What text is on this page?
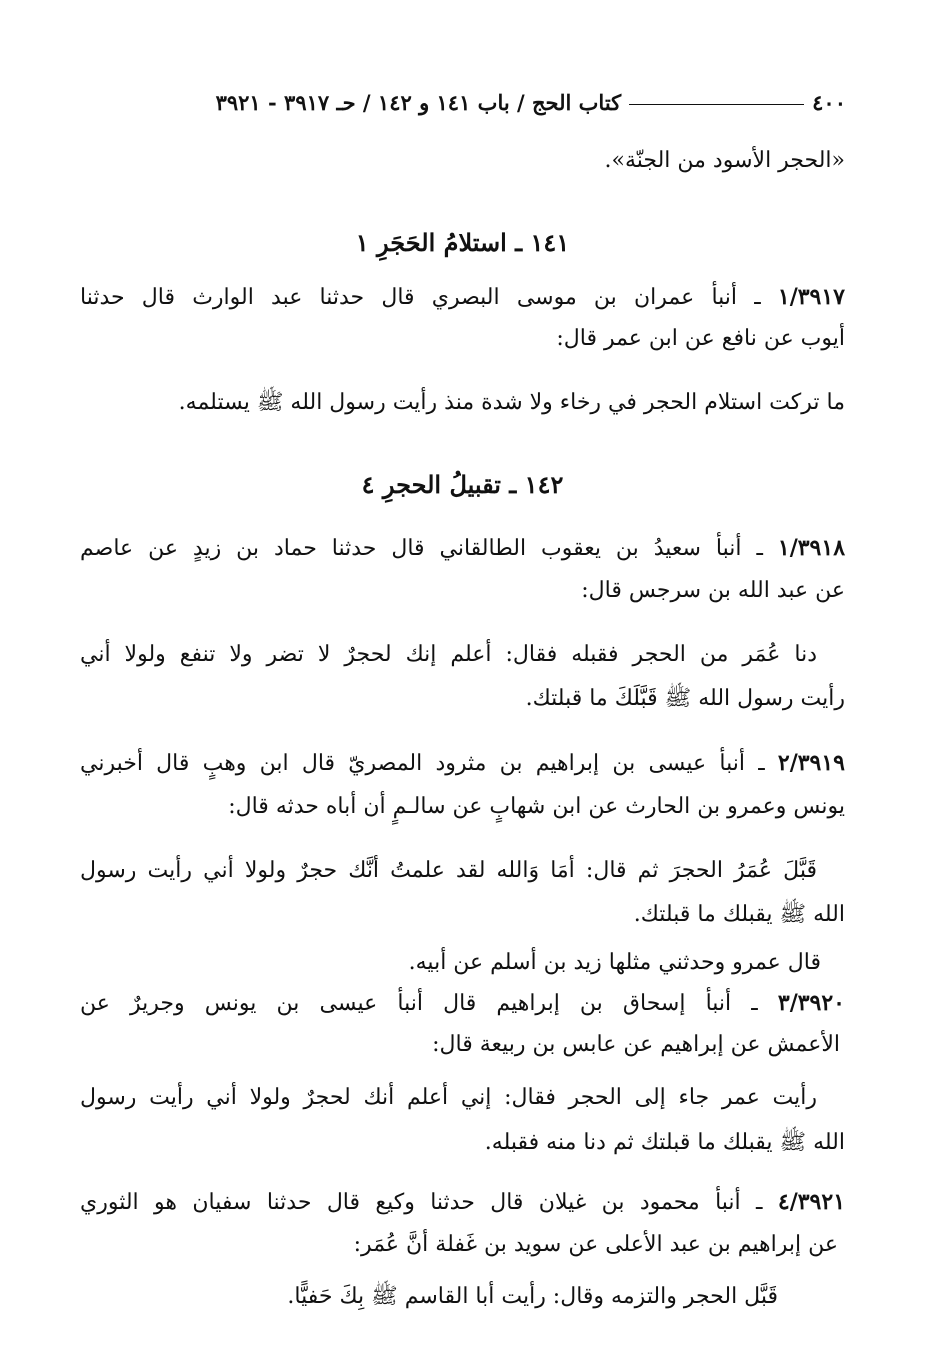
٤٠٠
كتاب الحج / باب ١٤١ و ١٤٢ / حـ ٣٩١٧ - ٣٩٢١
«الحجر الأسود من الجنّة».
١٤١ ـ استلامُ الحَجَرِ ١
١/٣٩١٧ ـ أنبأ عمران بن موسى البصري قال حدثنا عبد الوارث قال حدثنا
أيوب عن نافع عن ابن عمر قال:
ما تركت استلام الحجر في رخاء ولا شدة منذ رأيت رسول الله ﷺ يستلمه.
١٤٢ ـ تقبيلُ الحجرِ ٤
١/٣٩١٨ ـ أنبأ سعيدُ بن يعقوب الطالقاني قال حدثنا حماد بن زيدٍ عن عاصم
عن عبد الله بن سرجس قال:
دنا عُمَر من الحجر فقبله فقال: أعلم إنك لحجرٌ لا تضر ولا تنفع ولولا أني
رأيت رسول الله ﷺ قَبَّلَكَ ما قبلتك.
٢/٣٩١٩ ـ أنبأ عيسى بن إبراهيم بن مثرود المصريّ قال ابن وهبٍ قال أخبرني
يونس وعمرو بن الحارث عن ابن شهابٍ عن سالـمٍ أن أباه حدثه قال:
قَبَّلَ عُمَرُ الحجرَ ثم قال: أمَا وَالله لقد علمتُ أنَّك حجرٌ ولولا أني رأيت رسول
الله ﷺ يقبلك ما قبلتك.
قال عمرو وحدثني مثلها زيد بن أسلم عن أبيه.
٣/٣٩٢٠ ـ أنبأ إسحاق بن إبراهيم قال أنبأ عيسى بن يونس وجريرٌ عن
الأعمش عن إبراهيم عن عابس بن ربيعة قال:
رأيت عمر جاء إلى الحجر فقال: إني أعلم أنك لحجرٌ ولولا أني رأيت رسول
الله ﷺ يقبلك ما قبلتك ثم دنا منه فقبله.
٤/٣٩٢١ ـ أنبأ محمود بن غيلان قال حدثنا وكيع قال حدثنا سفيان هو الثوري
عن إبراهيم بن عبد الأعلى عن سويد بن غَفلة أنَّ عُمَر:
قَبَّل الحجر والتزمه وقال: رأيت أبا القاسم ﷺ بِكَ حَفيًّا.
